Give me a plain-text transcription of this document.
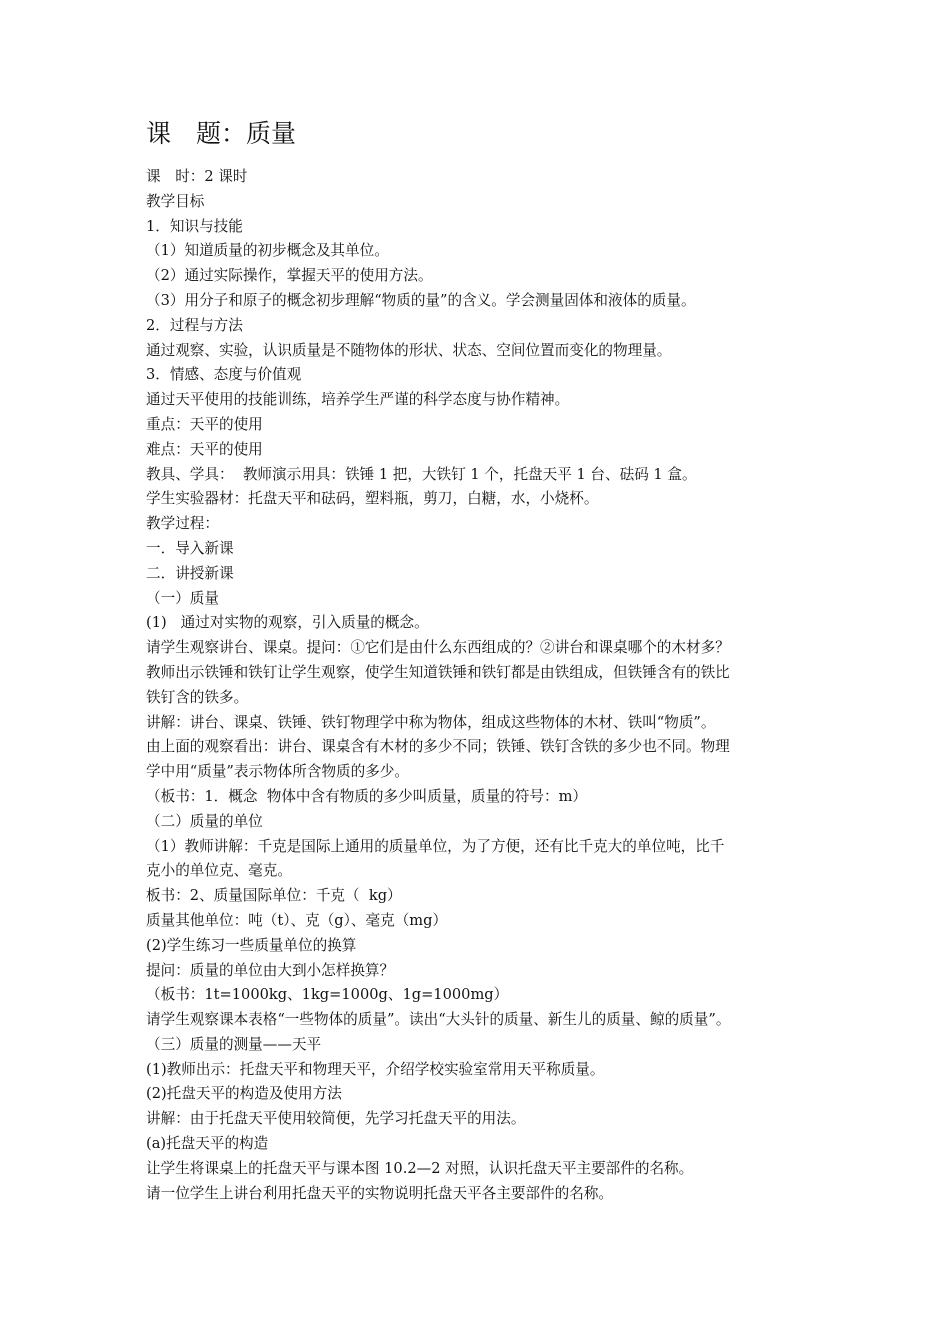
课　题：质量

课　时：2 课时

教学目标

1．知识与技能

（1）知道质量的初步概念及其单位。

（2）通过实际操作，掌握天平的使用方法。

（3）用分子和原子的概念初步理解“物质的量”的含义。学会测量固体和液体的质量。

2．过程与方法

通过观察、实验，认识质量是不随物体的形状、状态、空间位置而变化的物理量。

3．情感、态度与价值观

通过天平使用的技能训练，培养学生严谨的科学态度与协作精神。

重点：天平的使用

难点：天平的使用

教具、学具：  教师演示用具：铁锤 1 把，大铁钉 1 个，托盘天平 1 台、砝码 1 盒。

学生实验器材：托盘天平和砝码，塑料瓶，剪刀，白糖，水，小烧杯。

教学过程：

一．导入新课

二．讲授新课

（一）质量

(1)   通过对实物的观察，引入质量的概念。

请学生观察讲台、课桌。提问：①它们是由什么东西组成的？②讲台和课桌哪个的木材多？

教师出示铁锤和铁钉让学生观察，使学生知道铁锤和铁钉都是由铁组成，但铁锤含有的铁比

铁钉含的铁多。

讲解：讲台、课桌、铁锤、铁钉物理学中称为物体，组成这些物体的木材、铁叫“物质”。

由上面的观察看出：讲台、课桌含有木材的多少不同；铁锤、铁钉含铁的多少也不同。物理

学中用“质量”表示物体所含物质的多少。

（板书：1．概念  物体中含有物质的多少叫质量，质量的符号：m）

（二）质量的单位

（1）教师讲解：千克是国际上通用的质量单位，为了方便，还有比千克大的单位吨，比千

克小的单位克、毫克。

板书：2、质量国际单位：千克（  kg）

质量其他单位：吨（t）、克（g）、毫克（mg）

(2)学生练习一些质量单位的换算

提问：质量的单位由大到小怎样换算？

（板书：1t=1000kg、1kg=1000g、1g=1000mg）

请学生观察课本表格“一些物体的质量”。读出“大头针的质量、新生儿的质量、鲸的质量”。

（三）质量的测量——天平

(1)教师出示：托盘天平和物理天平，介绍学校实验室常用天平称质量。

(2)托盘天平的构造及使用方法

讲解：由于托盘天平使用较简便，先学习托盘天平的用法。

(a)托盘天平的构造

让学生将课桌上的托盘天平与课本图 10.2—2 对照，认识托盘天平主要部件的名称。

请一位学生上讲台利用托盘天平的实物说明托盘天平各主要部件的名称。
